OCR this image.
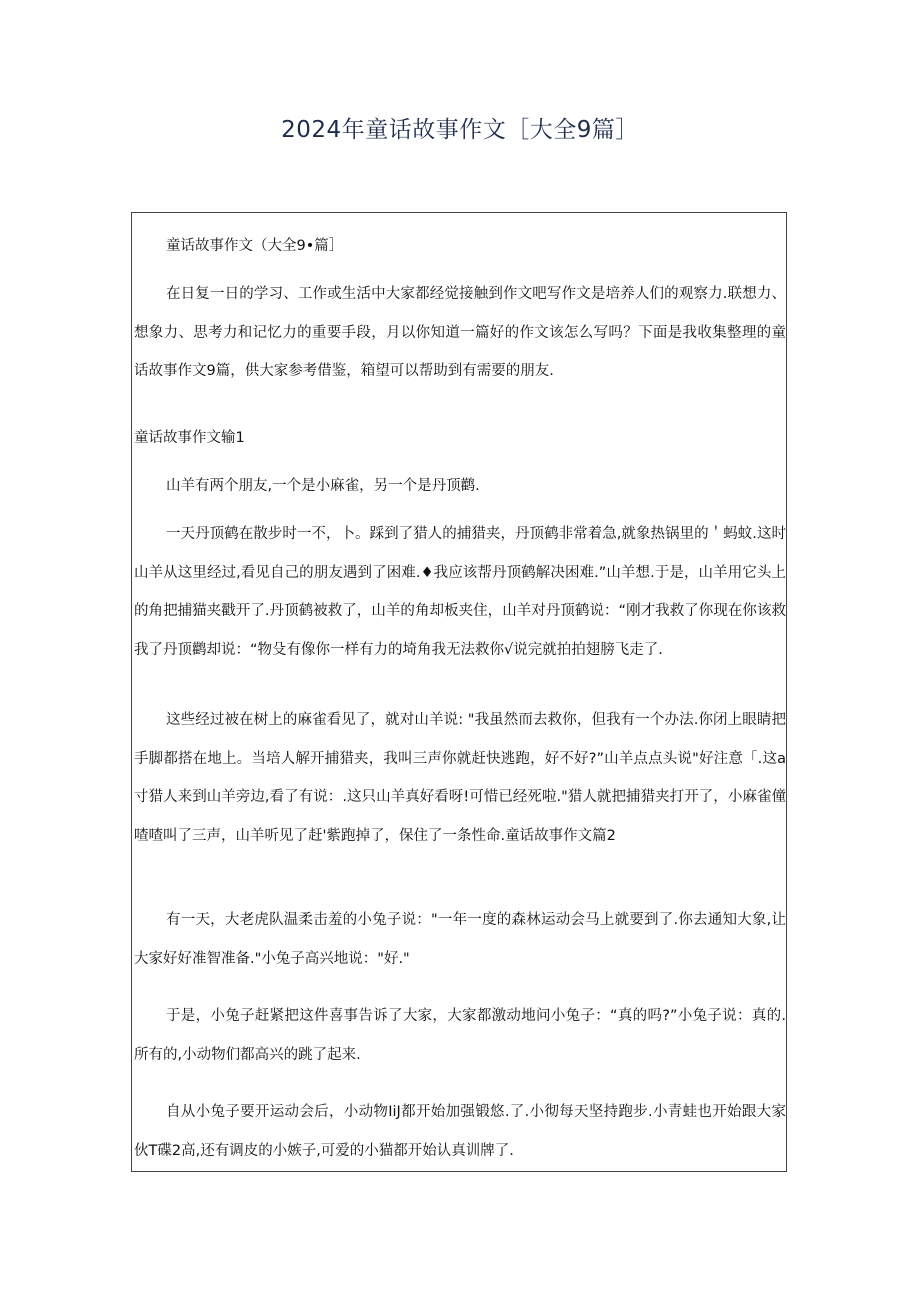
2024年童话故事作文［大全9篇］

童话故事作文（大全9•篇］

在日复一日的学习、工作或生活中大家都经觉接触到作文吧写作文是培养人们的观察力.联想力、想象力、思考力和记忆力的重要手段，月以你知道一篇好的作文该怎么写吗？下面是我收集整理的童话故事作文9篇，供大家参考借鉴，箱望可以帮助到有需要的朋友.

童话故事作文输1

山羊有两个朋友,一个是小麻雀，另一个是丹顶鹳.

一天丹顶鹤在散步时一不，卜。踩到了猎人的捕猎夹，丹顶鹤非常着急,就象热锅里的＇蚂蚊.这时山羊从这里经过,看见自己的朋友遇到了困难.♦我应该帮丹顶鹤解决困难.”山羊想.于是，山羊用它头上的角把捕猫夹戳开了.丹顶鹤被救了，山羊的角却板夹住，山羊对丹顶鹤说：“刚才我救了你现在你该救我了丹顶鹳却说：“物殳有像你一样有力的埼角我无法救你√说完就拍拍翅膀飞走了.

这些经过被在树上的麻雀看见了，就对山羊说: "我虽然而去救你，但我有一个办法.你闭上眼睛把手脚都搭在地上。当培人解开捕猎夹，我叫三声你就赶快逃跑，好不好?”山羊点点头说"好注意「.这a寸猎人来到山羊旁边,看了有说：.这只山羊真好看呀!可惜已经死啦."猎人就把捕猎夹打开了，小麻雀僮喳喳叫了三声，山羊听见了赶'紫跑掉了，保住了一条性命.童话故事作文篇2

有一天，大老虎队温柔击羞的小兔子说："一年一度的森林运动会马上就要到了.你去通知大象,让大家好好准智准备."小兔子高兴地说："好."

于是，小兔子赶紧把这件喜事告诉了大家，大家都激动地问小兔子：“真的吗?”小兔子说：真的.所有的,小动物们都高兴的跳了起来.

自从小兔子要开运动会后，小动物IiJ都开始加强锻悠.了.小彻每天坚持跑步.小青蛙也开始跟大家伙T碟2高,还有调皮的小嫉子,可爱的小猫都开始认真训牌了.
